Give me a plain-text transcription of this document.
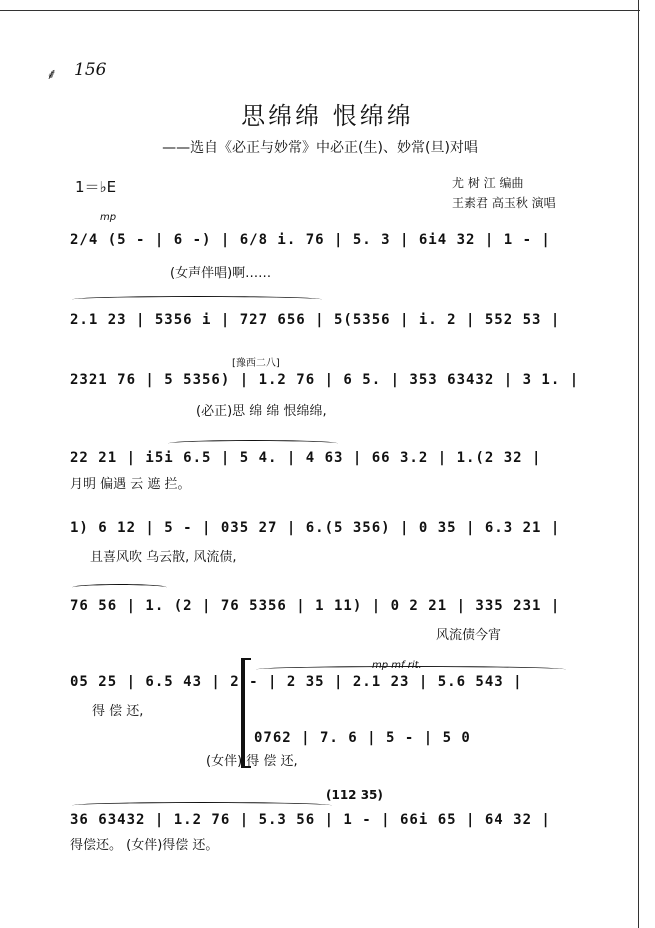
⸙ 156
思绵绵 恨绵绵
——选自《必正与妙常》中必正(生)、妙常(旦)对唱
1＝♭E	尤 树 江 编曲
王素君 高玉秋 演唱
mp
2/4 (5 - | 6 -) | 6/8 i. 76 | 5. 3 | 6i4 32 | 1 - |
(女声伴唱)啊……
2.1 23 | 5356 i | 727 656 | 5(5356 | i. 2 | 552 53 |
[豫西二八]
2321 76 | 5 5356) | 1.2 76 | 6 5. | 353 63432 | 3 1. |
(必正)思 绵 绵 恨绵绵,
22 21 | i5i 6.5 | 5 4. | 4 63 | 66 3.2 | 1.(2 32 |
月明 偏遇 云 遮 拦。
1) 6 12 | 5 - | 035 27 | 6.(5 356) | 0 35 | 6.3 21 |
且喜风吹 乌云散, 风流债,
76 56 | 1. (2 | 76 5356 | 1 11) | 0 2 21 | 335 231 |
风流债今宵
mp mf rit.
05 25 | 6.5 43 | 2 - | 2 35 | 2.1 23 | 5.6 543 |
得 偿 还,
0762 | 7. 6 | 5 - | 5 0
(女伴) 得 偿 还,
(112 35)
36 63432 | 1.2 76 | 5.3 56 | 1 - | 66i 65 | 64 32 |
得偿还。 (女伴)得偿 还。
